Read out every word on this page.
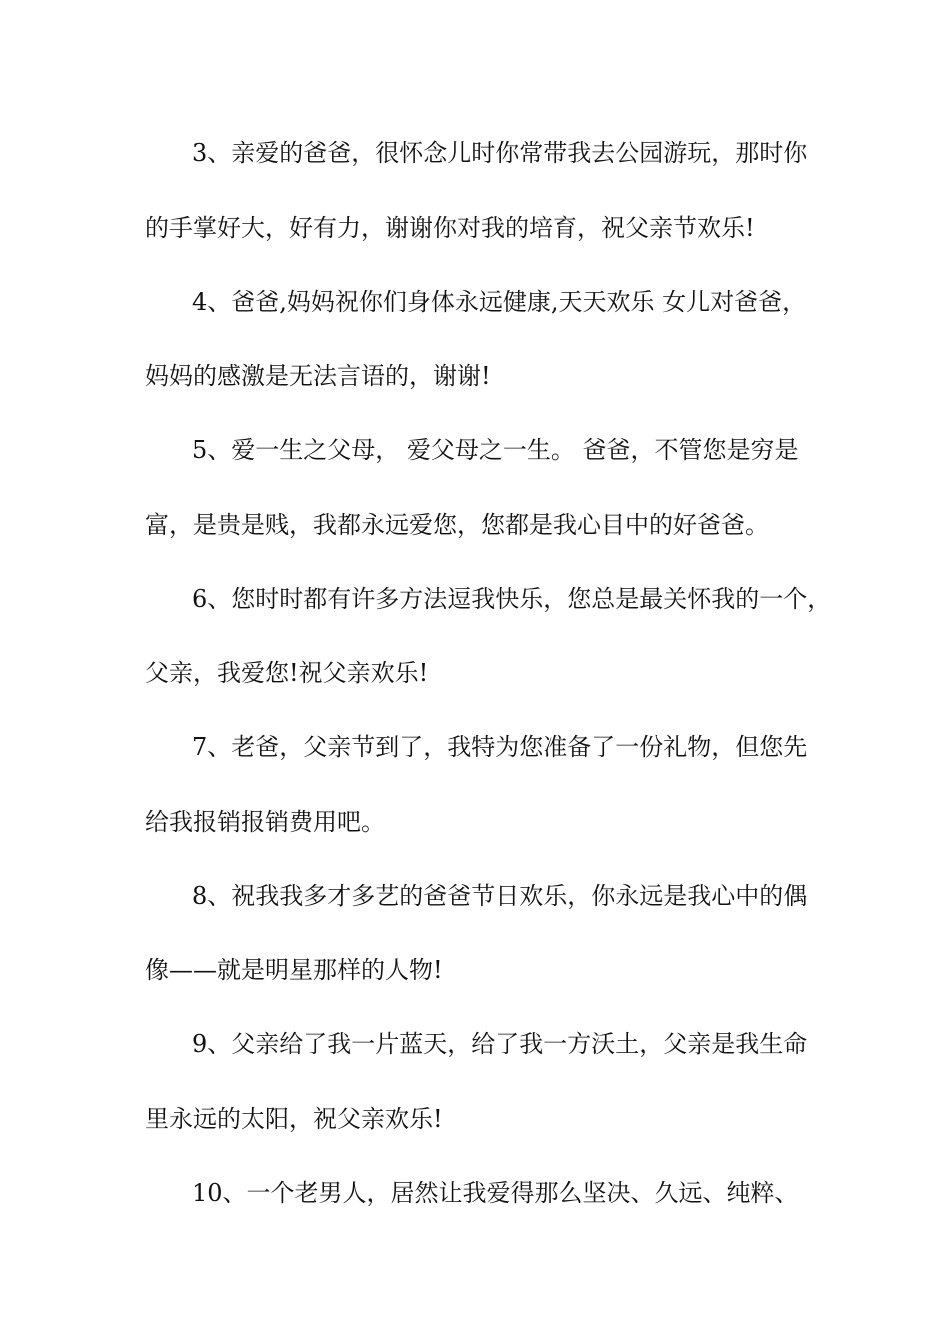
3、亲爱的爸爸，很怀念儿时你常带我去公园游玩，那时你
的手掌好大，好有力，谢谢你对我的培育，祝父亲节欢乐!
4、爸爸,妈妈祝你们身体永远健康,天天欢乐 女儿对爸爸，
妈妈的感激是无法言语的，谢谢!
5、爱一生之父母， 爱父母之一生。 爸爸，不管您是穷是
富，是贵是贱，我都永远爱您，您都是我心目中的好爸爸。
6、您时时都有许多方法逗我快乐，您总是最关怀我的一个，
父亲，我爱您!祝父亲欢乐!
7、老爸，父亲节到了，我特为您准备了一份礼物，但您先
给我报销报销费用吧。
8、祝我我多才多艺的爸爸节日欢乐，你永远是我心中的偶
像——就是明星那样的人物!
9、父亲给了我一片蓝天，给了我一方沃土，父亲是我生命
里永远的太阳，祝父亲欢乐!
10、一个老男人，居然让我爱得那么坚决、久远、纯粹、
